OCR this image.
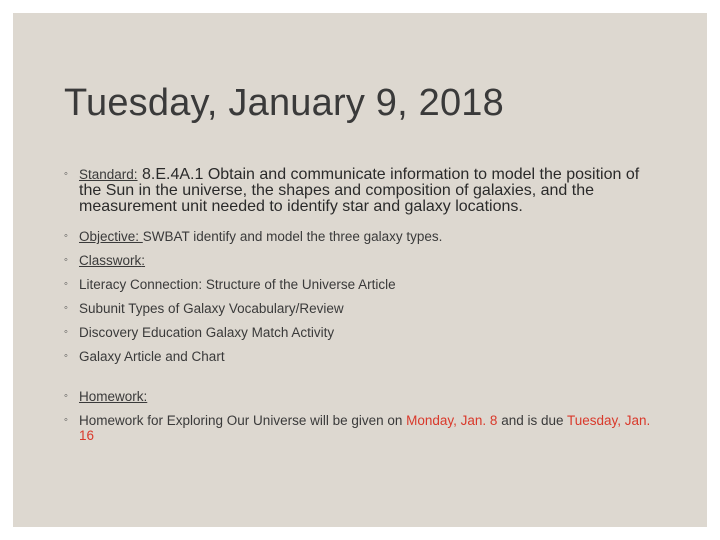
Tuesday, January 9, 2018
◦ Standard: 8.E.4A.1 Obtain and communicate information to model the position of the Sun in the universe, the shapes and composition of galaxies, and the measurement unit needed to identify star and galaxy locations.
◦ Objective: SWBAT identify and model the three galaxy types.
◦ Classwork:
◦ Literacy Connection: Structure of the Universe Article
◦ Subunit Types of Galaxy Vocabulary/Review
◦ Discovery Education Galaxy Match Activity
◦ Galaxy Article and Chart
◦ Homework:
◦ Homework for Exploring Our Universe will be given on Monday, Jan. 8 and is due Tuesday, Jan. 16
